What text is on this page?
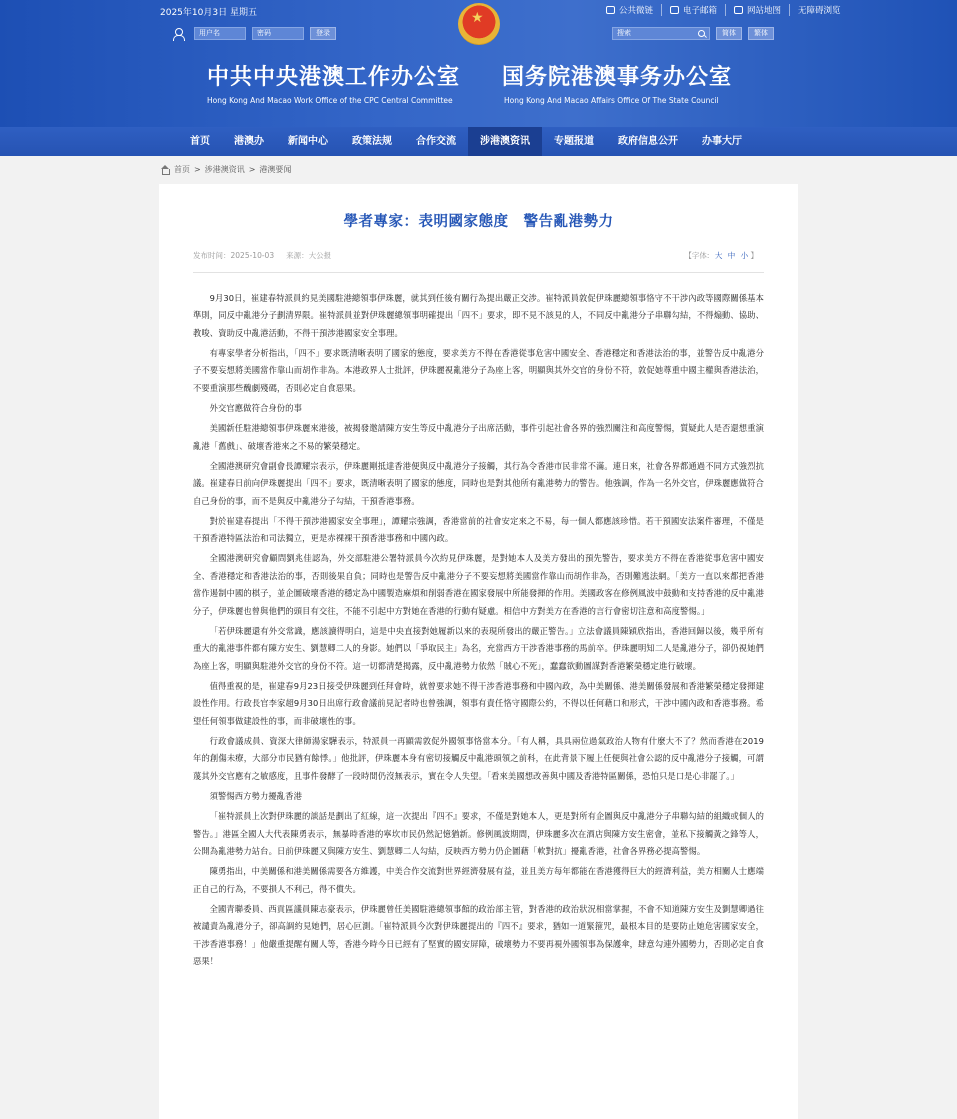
2025年10月3日 星期五	公共微链	电子邮箱	网站地图 无障碍浏览
★
用户名	密码	登录	搜索	简体	繁体
中共中央港澳工作办公室
Hong Kong And Macao Work Office of the CPC Central Committee
国务院港澳事务办公室
Hong Kong And Macao Affairs Office Of The State Council
首页	港澳办	新闻中心	政策法规	合作交流	涉港澳资讯	专题报道	政府信息公开	办事大厅
首页 > 涉港澳资讯 > 港澳要闻
學者專家：表明國家態度　警告亂港勢力
发布时间：2025-10-03 来源：大公报	【字体: 大 中 小 】

9月30日，崔建春特派員約見美國駐港總領事伊珠麗，就其到任後有關行為提出嚴正交涉。崔特派員敦促伊珠麗總領事恪守不干涉內政等國際關係基本準則，同反中亂港分子劃清界限。崔特派員並對伊珠麗總領事明確提出「四不」要求，即不見不該見的人，不同反中亂港分子串聯勾結，不得煽動、協助、教唆、資助反中亂港活動，不得干預涉港國家安全事理。

有專家學者分析指出，「四不」要求既清晰表明了國家的態度，要求美方不得在香港從事危害中國安全、香港穩定和香港法治的事，並警告反中亂港分子不要妄想將美國當作靠山而胡作非為。本港政界人士批評，伊珠麗視亂港分子為座上客，明顯與其外交官的身份不符，敦促她尊重中國主權與香港法治，不要重演那些醜劇殘碼，否則必定自食惡果。

外交官應做符合身份的事

美國新任駐港總領事伊珠麗來港後，被揭發邀請陳方安生等反中亂港分子出席活動，事件引起社會各界的強烈關注和高度警惕，質疑此人是否還想重演亂港「舊戲」、破壞香港來之不易的繁榮穩定。

全國港澳研究會副會長譚耀宗表示，伊珠麗剛抵達香港便與反中亂港分子接觸，其行為令香港市民非常不滿。連日來，社會各界都通過不同方式強烈抗議。崔建春日前向伊珠麗提出「四不」要求，既清晰表明了國家的態度，同時也是對其他所有亂港勢力的警告。他強調，作為一名外交官，伊珠麗應做符合自己身份的事，而不是與反中亂港分子勾結，干預香港事務。

對於崔建春提出「不得干預涉港國家安全事理」，譚耀宗強調，香港當前的社會安定來之不易，每一個人都應該珍惜。若干預國安法案件審理，不僅是干預香港特區法治和司法獨立，更是赤裸裸干預香港事務和中國內政。

全國港澳研究會顧問劉兆佳認為，外交部駐港公署特派員今次約見伊珠麗，是對她本人及美方發出的預先警告，要求美方不得在香港從事危害中國安全、香港穩定和香港法治的事，否則後果自負；同時也是警告反中亂港分子不要妄想將美國當作靠山而胡作非為，否則難逃法網。「美方一直以來都把香港當作遏制中國的棋子，並企圖破壞香港的穩定為中國製造麻煩和削弱香港在國家發展中所能發揮的作用。美國政客在修例風波中鼓動和支持香港的反中亂港分子，伊珠麗也曾與他們的頭目有交往，不能不引起中方對她在香港的行動有疑慮。相信中方對美方在香港的言行會密切注意和高度警惕。」

「若伊珠麗還有外交常識，應該讀得明白，這是中央直接對她履新以來的表現所發出的嚴正警告。」立法會議員陳穎欣指出，香港回歸以後，幾乎所有重大的亂港事件都有陳方安生、劉慧卿二人的身影。她們以「爭取民主」為名，充當西方干涉香港事務的馬前卒。伊珠麗明知二人是亂港分子，卻仍視她們為座上客，明顯與駐港外交官的身份不符。這一切都清楚揭露，反中亂港勢力依然「賊心不死」，蠢蠢欲動圖謀對香港繁榮穩定進行破壞。

值得重視的是，崔建春9月23日接受伊珠麗到任拜會時，就曾要求她不得干涉香港事務和中國內政，為中美關係、港美關係發展和香港繁榮穩定發揮建設性作用。行政長官李家超9月30日出席行政會議前見記者時也曾強調，領事有責任恪守國際公約，不得以任何藉口和形式，干涉中國內政和香港事務。希望任何領事做建設性的事，而非破壞性的事。

行政會議成員、資深大律師湯家驊表示，特派員一再顯需敦促外國領事恪當本分。「有人稱，具具兩位過氣政治人物有什麼大不了？然而香港在2019年的創傷未療，大部分市民猶有餘悸。」他批評，伊珠麗本身有密切接觸反中亂港頭領之前科，在此背景下履上任便與社會公認的反中亂港分子接觸，可謂蔑其外交官應有之敏感度，且事件發酵了一段時間仍沒無表示，實在令人失望。「看來美國想改善與中國及香港特區關係，恐怕只是口是心非罷了。」

須警惕西方勢力擾亂香港

「崔特派員上次對伊珠麗的談話是劃出了紅線，這一次提出『四不』要求，不僅是對她本人，更是對所有企圖與反中亂港分子串聯勾結的組織或個人的警告。」港區全國人大代表陳勇表示，無暴時香港的寧坎市民仍然記憶猶新。修例風波期間，伊珠麗多次在酒店與陳方安生密會，並私下接觸黃之鋒等人，公開為亂港勢力站台。日前伊珠麗又與陳方安生、劉慧卿二人勾結，反映西方勢力仍企圖藉「軟對抗」擾亂香港，社會各界務必提高警惕。

陳勇指出，中美關係和港美關係需要各方維護，中美合作交流對世界經濟發展有益，並且美方每年都能在香港獲得巨大的經濟利益，美方相關人士應端正自己的行為，不要損人不利己，得不償失。

全國青聯委員、西貢區議員陳志豪表示，伊珠麗曾任美國駐港總領事館的政治部主管，對香港的政治狀況相當掌握，不會不知道陳方安生及劉慧卿過往被譴責為亂港分子，卻高調約見她們，居心叵測。「崔特派員今次對伊珠麗提出的『四不』要求，猶如一道緊箍咒，最根本目的是要防止她危害國家安全，干涉香港事務！」他嚴重提醒有關人等，香港今時今日已經有了堅實的國安屏障，破壞勢力不要再視外國領事為保護傘，肆意勾連外國勢力，否則必定自食惡果！
